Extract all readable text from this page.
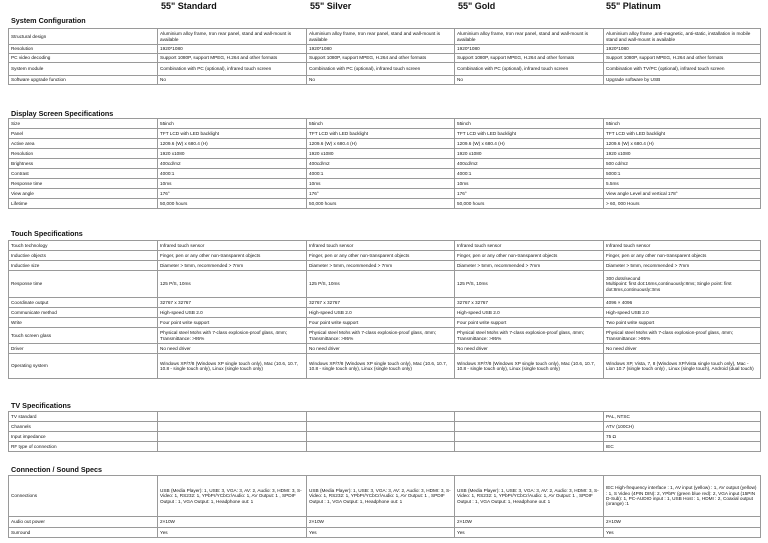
55" Standard	55" Silver	55" Gold	55" Platinum
System Configuration
Structural design	Aluminium alloy frame, Iron rear panel, stand and wall-mount is available	Aluminium alloy frame, Iron rear panel, stand and wall-mount is available	Aluminium alloy frame, Iron rear panel, stand and wall-mount is available	Aluminium alloy frame ,anti-magnetic, anti-static, installation in mobile stand and wall-mount is available
Resolution	1920*1080	1920*1080	1920*1080	1920*1080
PC video decoding	Support 1080P, support MPEG, H.264 and other formats	Support 1080P, support MPEG, H.264 and other formats	Support 1080P, support MPEG, H.264 and other formats	Support 1080P, support MPEG, H.264 and other formats
System module	Combination with PC (optional), infrared touch screen	Combination with PC (optional), infrared touch screen	Combination with PC (optional), infrared touch screen	Combination with TV/PC (optional), infrared touch screen
Software upgrade function	No	No	No	Upgrade software by USB
Display Screen Specifications
Size	55inch	55inch	55inch	55inch
Panel	TFT LCD with LED backlight	TFT LCD with LED backlight	TFT LCD with LED backlight	TFT LCD with LED backlight
Active area	1209.6 (W) x 680.4 (H)	1209.6 (W) x 680.4 (H)	1209.6 (W) x 680.4 (H)	1209.6 (W) x 680.4 (H)
Resolution	1920 x1080	1920 x1080	1920 x1080	1920 x1080
Brightness	400cd/m2	400cd/m2	400cd/m2	500 cd/m2
Contrast	4000:1	4000:1	4000:1	5000:1
Response time	10ms	10ms	10ms	5.5ms
View angle	176°	176°	176°	View angle Level and vertical 178°
Lifetime	50,000 hours	50,000 hours	50,000 hours	> 60, 000 Hours
Touch Specifications
Touch technology	Infrared touch sensor	Infrared touch sensor	Infrared touch sensor	Infrared touch sensor
Inductive objects	Finger, pen or any other non-transparent objects	Finger, pen or any other non-transparent objects	Finger, pen or any other non-transparent objects	Finger, pen or any other non-transparent objects
Inductive size	Diameter > 5mm, recommended > 7mm	Diameter > 5mm, recommended > 7mm	Diameter > 5mm, recommended > 7mm	Diameter > 5mm, recommended > 7mm
Response time	125 P/S, 10ms	125 P/S, 10ms	125 P/S, 10ms	300 dots/second
Multipoint: first dot:16ms,continuously:8ms; Single point: first dot:8ms,continuously:3ms
Coordinate output	32767 x 32767	32767 x 32767	32767 x 32767	4096 × 4096
Communicate method	High-speed USB 2.0	High-speed USB 2.0	High-speed USB 2.0	High-speed USB 2.0
Write	Four point write support	Four point write support	Four point write support	Two point write support
Touch screen glass	Physical steel Mohs with 7-class explosion-proof glass, 4mm; Transmittance: >95%	Physical steel Mohs with 7-class explosion-proof glass, 4mm; Transmittance: >95%	Physical steel Mohs with 7-class explosion-proof glass, 4mm; Transmittance: >95%	Physical steel Mohs with 7-class explosion-proof glass, 4mm; Transmittance: >95%
Driver	No need driver	No need driver	No need driver	No need driver
Operating system	Windows XP/7/8 (Windows XP single touch only), Mac (10.6, 10.7, 10.8 - single touch only), Linux (single touch only)	Windows XP/7/8 (Windows XP single touch only), Mac (10.6, 10.7, 10.8 - single touch only), Linux (single touch only)	Windows XP/7/8 (Windows XP single touch only), Mac (10.6, 10.7, 10.8 - single touch only), Linux (single touch only)	Windows XP, Vista, 7, 8 (Windows XP/Vista single touch only), Mac - Lion 10.7 (single touch only) , Linux (single touch), Android (dual touch)
TV Specifications
TV standard				PAL, NTSC
Channels				ATV (100CH)
Input impedance				75 Ω
RF type of connection				IEC
Connection / Sound Specs
Connections	USB (Media Player): 1, USB: 3, VGA: 3, AV: 2, Audio: 3, HDMI: 3, S-Video: 1, RS232: 1, YPbPr/YCbCr/Audio: 1, AV Output: 1 , SPDIF Output : 1, VGA Output: 1, Headphone out: 1	USB (Media Player): 1, USB: 3, VGA: 3, AV: 2, Audio: 3, HDMI: 3, S-Video: 1, RS232: 1, YPbPr/YCbCr/Audio: 1, AV Output: 1 , SPDIF Output : 1, VGA Output: 1, Headphone out: 1	USB (Media Player): 1, USB: 3, VGA: 3, AV: 2, Audio: 3, HDMI: 3, S-Video: 1, RS232: 1, YPbPr/YCbCr/Audio: 1, AV Output: 1 , SPDIF Output : 1, VGA Output: 1, Headphone out: 1	IEC High-frequency interface : 1, AV input (yellow) : 1, AV output (yellow) : 1, S Video (4PIN DIN): 2, YPbPr (green blue red): 2, VGA input (15PIN D-Sub): 1, PC-AUDIO input : 1, USB Host : 1, HDMI : 2, Coaxial output (orange) :1
Audio out power	2×10W	2×10W	2×10W	2×10W
Surround	Yes	Yes	Yes	Yes
